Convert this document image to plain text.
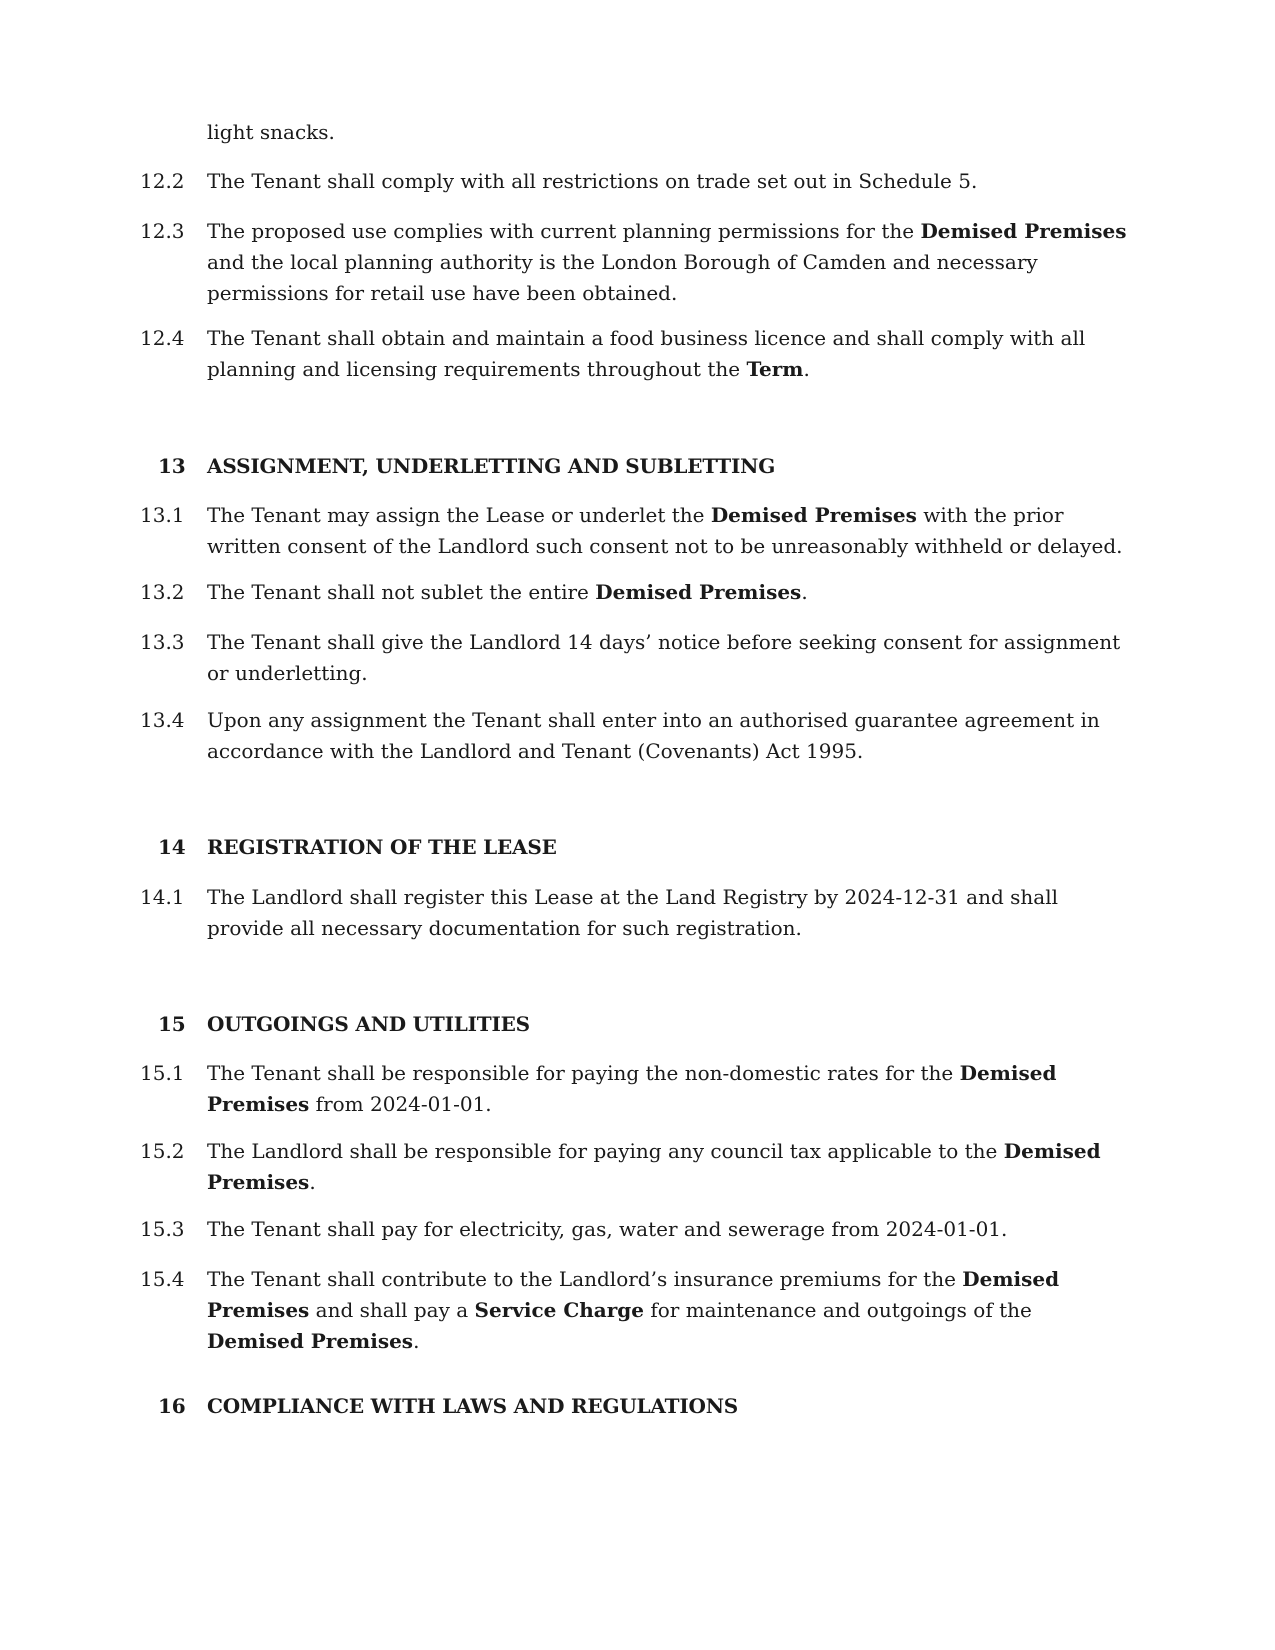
light snacks.
12.2	The Tenant shall comply with all restrictions on trade set out in Schedule 5.
12.3	The proposed use complies with current planning permissions for the Demised Premises and the local planning authority is the London Borough of Camden and necessary permissions for retail use have been obtained.
12.4	The Tenant shall obtain and maintain a food business licence and shall comply with all planning and licensing requirements throughout the Term.
13	ASSIGNMENT, UNDERLETTING AND SUBLETTING
13.1	The Tenant may assign the Lease or underlet the Demised Premises with the prior written consent of the Landlord such consent not to be unreasonably withheld or delayed.
13.2	The Tenant shall not sublet the entire Demised Premises.
13.3	The Tenant shall give the Landlord 14 days’ notice before seeking consent for assignment or underletting.
13.4	Upon any assignment the Tenant shall enter into an authorised guarantee agreement in accordance with the Landlord and Tenant (Covenants) Act 1995.
14	REGISTRATION OF THE LEASE
14.1	The Landlord shall register this Lease at the Land Registry by 2024-12-31 and shall provide all necessary documentation for such registration.
15	OUTGOINGS AND UTILITIES
15.1	The Tenant shall be responsible for paying the non-domestic rates for the Demised Premises from 2024-01-01.
15.2	The Landlord shall be responsible for paying any council tax applicable to the Demised Premises.
15.3	The Tenant shall pay for electricity, gas, water and sewerage from 2024-01-01.
15.4	The Tenant shall contribute to the Landlord’s insurance premiums for the Demised Premises and shall pay a Service Charge for maintenance and outgoings of the Demised Premises.
16	COMPLIANCE WITH LAWS AND REGULATIONS
